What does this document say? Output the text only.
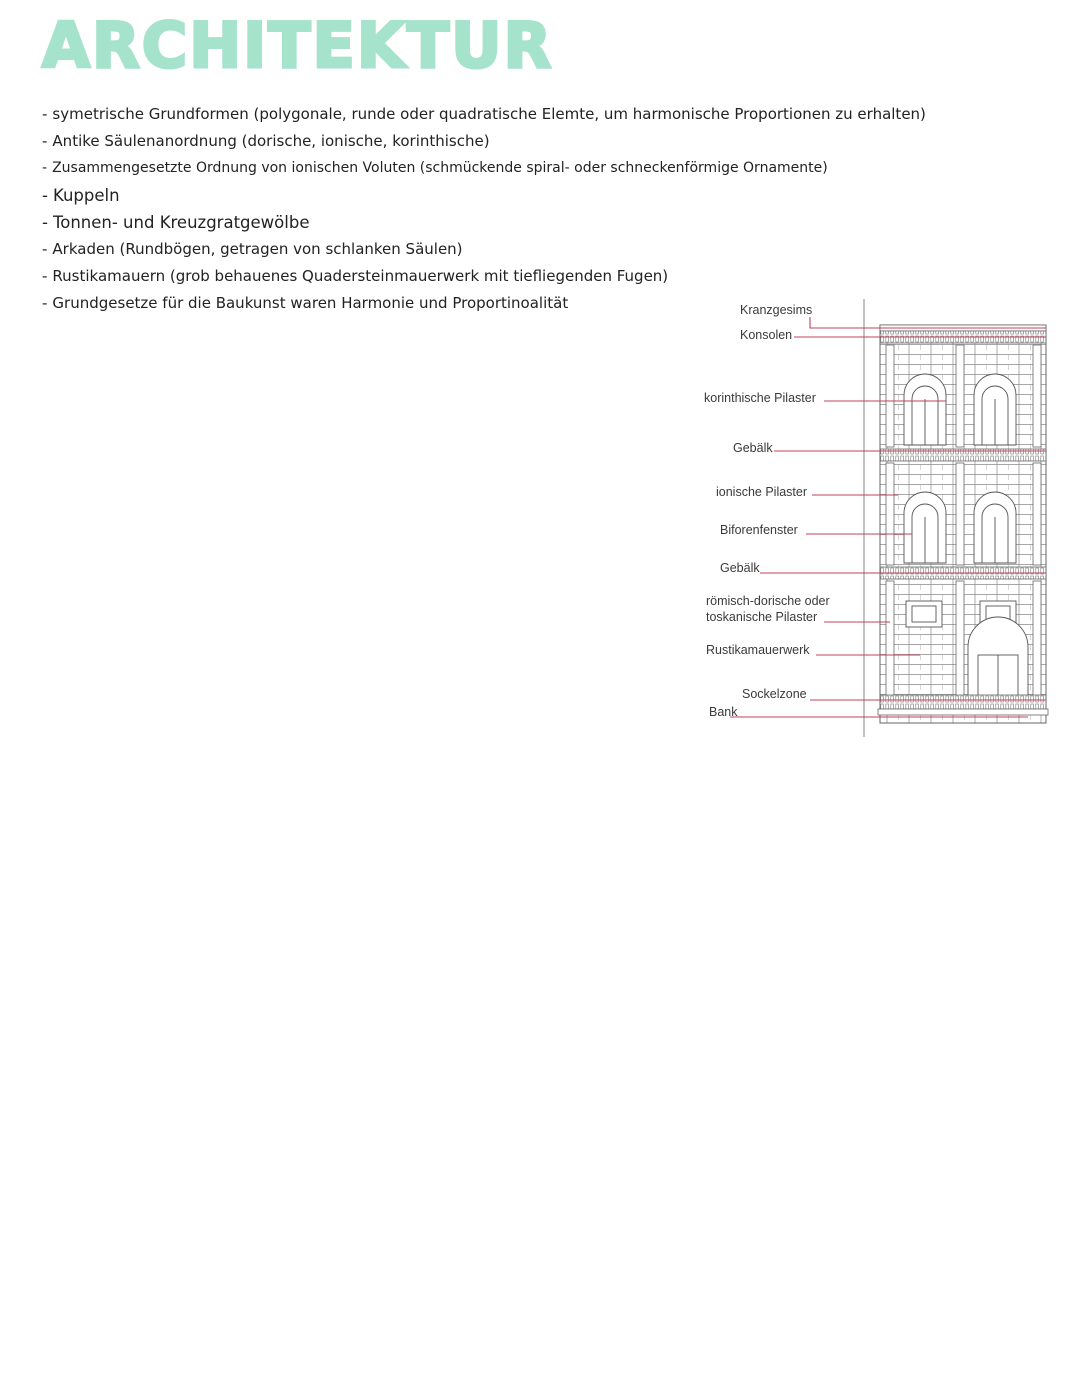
ARCHITEKTUR
- symetrische Grundformen (polygonale, runde oder quadratische Elemte, um harmonische Proportionen zu erhalten)
- Antike Säulenanordnung (dorische, ionische, korinthische)
- Zusammengesetzte Ordnung von ionischen Voluten (schmückende spiral- oder schneckenförmige Ornamente)
- Kuppeln
- Tonnen- und Kreuzgratgewölbe
- Arkaden (Rundbögen, getragen von schlanken Säulen)
- Rustikamauern (grob behauenes Quadersteinmauerwerk mit tiefliegenden Fugen)
- Grundgesetze für die Baukunst waren Harmonie und Proportinoalität	Kranzgesims
Konsolen
korinthische Pilaster
Gebälk
ionische Pilaster
Biforenfenster
Gebälk
römisch-dorische oder
toskanische Pilaster
Rustikamauerwerk
Sockelzone
Bank
